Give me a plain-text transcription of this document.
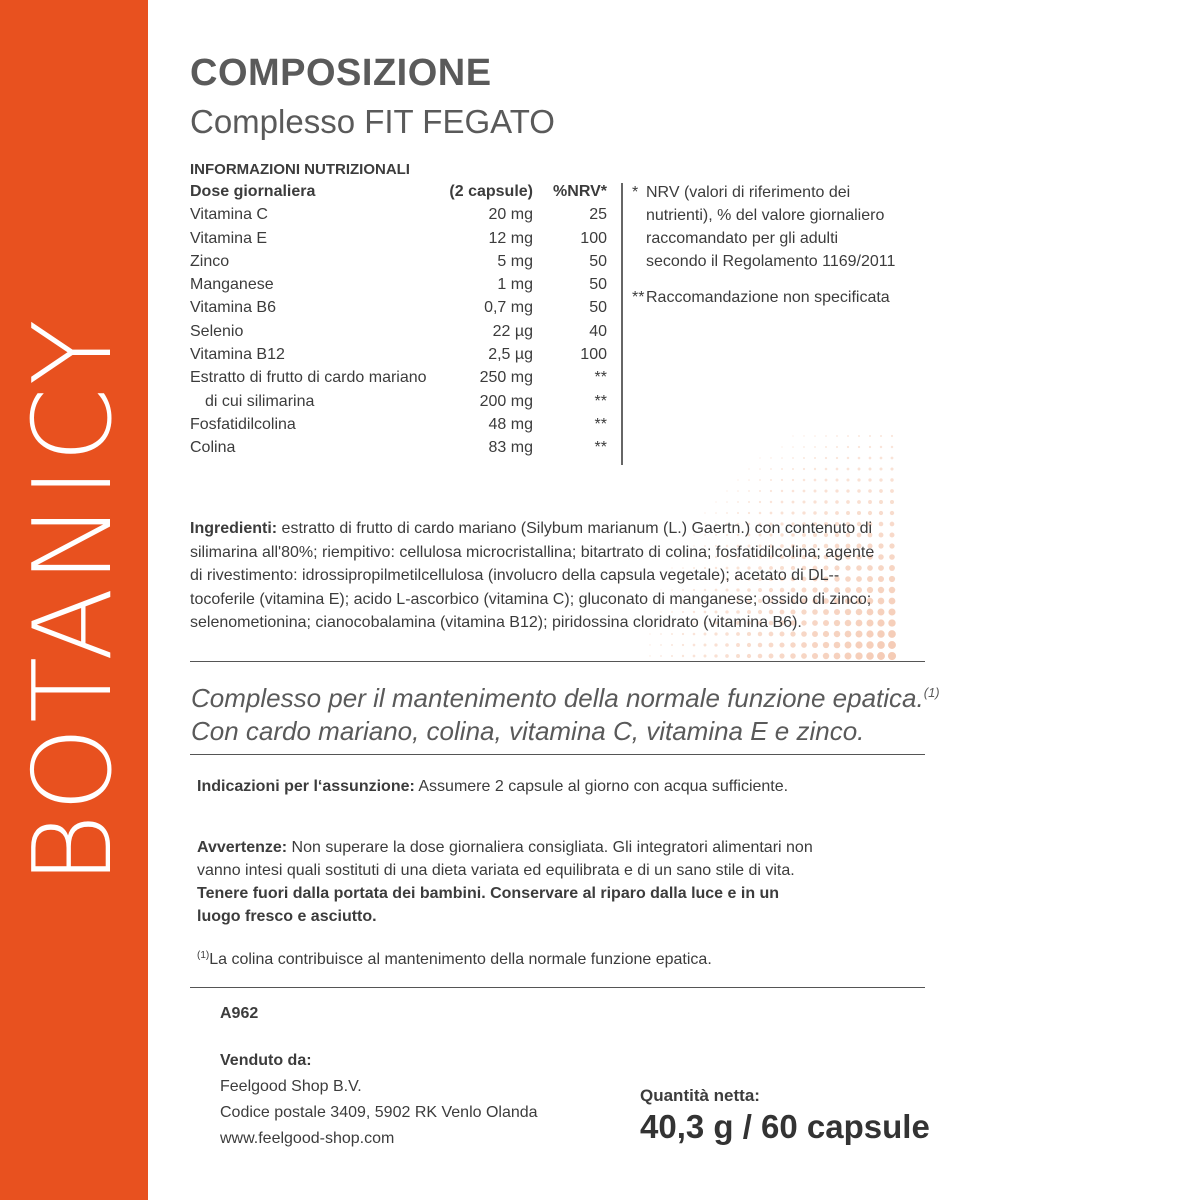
BOTANICY
COMPOSIZIONE
Complesso FIT FEGATO
INFORMAZIONI NUTRIZIONALI
Dose giornaliera	(2 capsule)	%NRV*
Vitamina C	20 mg	25
Vitamina E	12 mg	100
Zinco	5 mg	50
Manganese	1 mg	50
Vitamina B6	0,7 mg	50
Selenio	22 µg	40
Vitamina B12	2,5 µg	100
Estratto di frutto di cardo mariano	250 mg	**
di cui silimarina	200 mg	**
Fosfatidilcolina	48 mg	**
Colina	83 mg	**
* NRV (valori di riferimento dei nutrienti), % del valore giornaliero raccomandato per gli adulti secondo il Regolamento 1169/2011
** Raccomandazione non specificata
Ingredienti: estratto di frutto di cardo mariano (Silybum marianum (L.) Gaertn.) con contenuto di silimarina all'80%; riempitivo: cellulosa microcristallina; bitartrato di colina; fosfatidilcolina; agente di rivestimento: idrossipropilmetilcellulosa (involucro della capsula vegetale); acetato di DL--tocoferile (vitamina E); acido L-ascorbico (vitamina C); gluconato di manganese; ossido di zinco; selenometionina; cianocobalamina (vitamina B12); piridossina cloridrato (vitamina B6).
Complesso per il mantenimento della normale funzione epatica.$^{(1)}$
Con cardo mariano, colina, vitamina C, vitamina E e zinco.
Indicazioni per l‘assunzione: Assumere 2 capsule al giorno con acqua sufficiente.
Avvertenze: Non superare la dose giornaliera consigliata. Gli integratori alimentari non vanno intesi quali sostituti di una dieta variata ed equilibrata e di un sano stile di vita. Tenere fuori dalla portata dei bambini. Conservare al riparo dalla luce e in un luogo fresco e asciutto.
$^{(1)}$La colina contribuisce al mantenimento della normale funzione epatica.
A962
Venduto da:
Feelgood Shop B.V.
Codice postale 3409, 5902 RK Venlo Olanda
www.feelgood-shop.com
Quantità netta:
40,3 g / 60 capsule
